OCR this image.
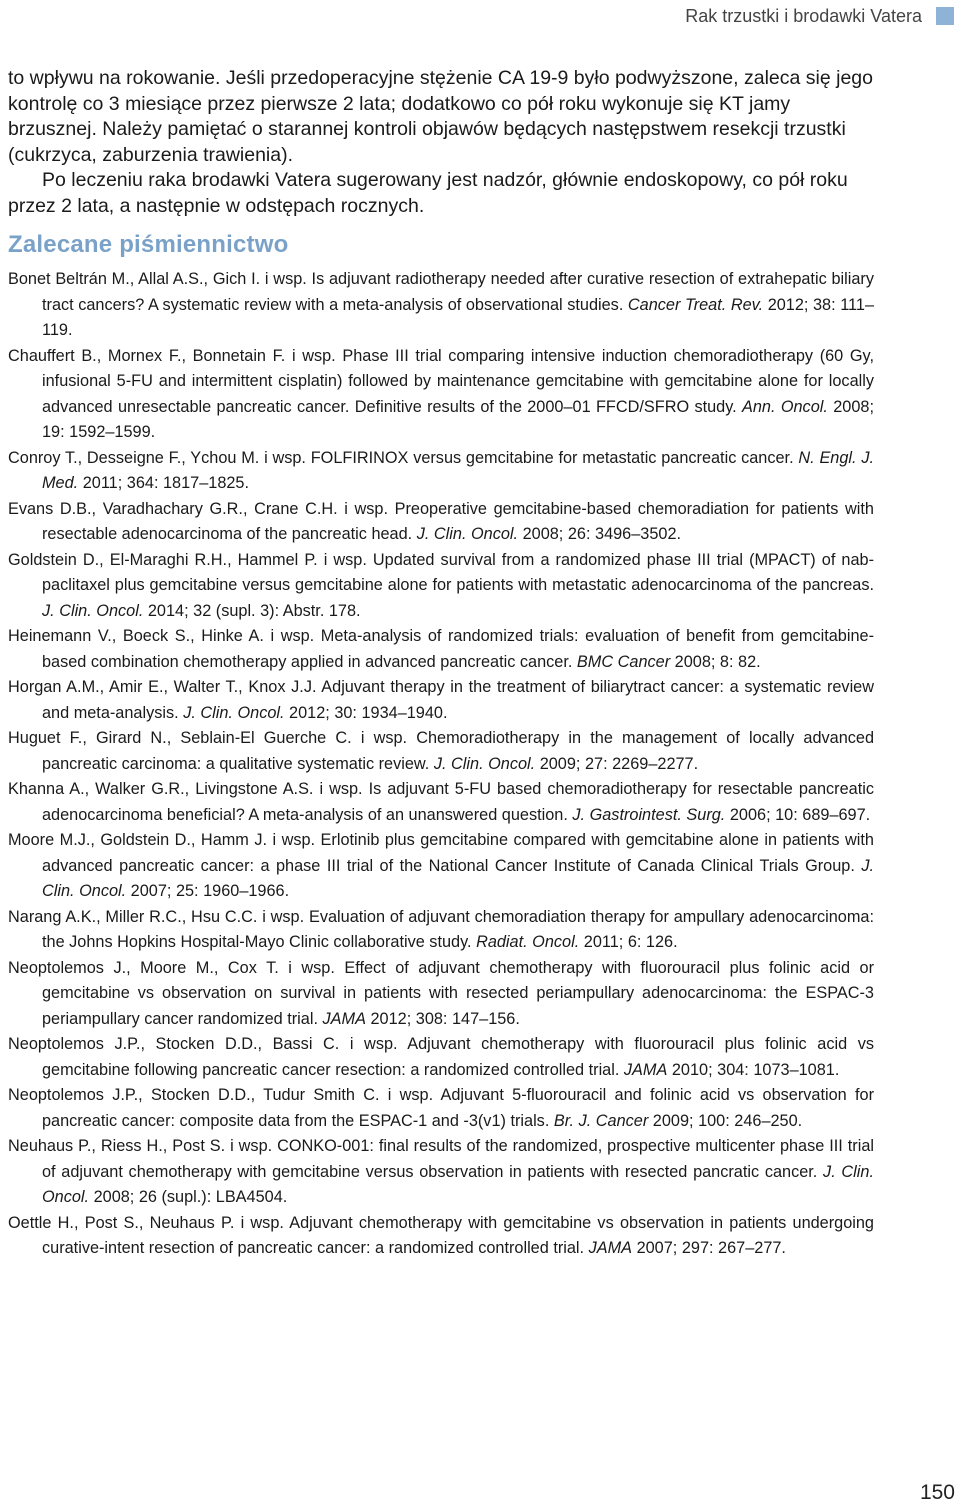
Rak trzustki i brodawki Vatera

to wpływu na rokowanie. Jeśli przedoperacyjne stężenie CA 19-9 było podwyższone, zaleca się jego kontrolę co 3 miesiące przez pierwsze 2 lata; dodatkowo co pół roku wykonuje się KT jamy brzusznej. Należy pamiętać o starannej kontroli objawów będących następstwem resekcji trzustki (cukrzyca, zaburzenia trawienia).

Po leczeniu raka brodawki Vatera sugerowany jest nadzór, głównie endoskopowy, co pół roku przez 2 lata, a następnie w odstępach rocznych.

Zalecane piśmiennictwo

Bonet Beltrán M., Allal A.S., Gich I. i wsp. Is adjuvant radiotherapy needed after curative resection of extrahepatic biliary tract cancers? A systematic review with a meta-analysis of observational studies. Cancer Treat. Rev. 2012; 38: 111–119.

Chauffert B., Mornex F., Bonnetain F. i wsp. Phase III trial comparing intensive induction chemoradiotherapy (60 Gy, infusional 5-FU and intermittent cisplatin) followed by maintenance gemcitabine with gemcitabine alone for locally advanced unresectable pancreatic cancer. Definitive results of the 2000–01 FFCD/SFRO study. Ann. Oncol. 2008; 19: 1592–1599.

Conroy T., Desseigne F., Ychou M. i wsp. FOLFIRINOX versus gemcitabine for metastatic pancreatic cancer. N. Engl. J. Med. 2011; 364: 1817–1825.

Evans D.B., Varadhachary G.R., Crane C.H. i wsp. Preoperative gemcitabine-based chemoradiation for patients with resectable adenocarcinoma of the pancreatic head. J. Clin. Oncol. 2008; 26: 3496–3502.

Goldstein D., El-Maraghi R.H., Hammel P. i wsp. Updated survival from a randomized phase III trial (MPACT) of nab-paclitaxel plus gemcitabine versus gemcitabine alone for patients with metastatic adenocarcinoma of the pancreas. J. Clin. Oncol. 2014; 32 (supl. 3): Abstr. 178.

Heinemann V., Boeck S., Hinke A. i wsp. Meta-analysis of randomized trials: evaluation of benefit from gemcitabine-based combination chemotherapy applied in advanced pancreatic cancer. BMC Cancer 2008; 8: 82.

Horgan A.M., Amir E., Walter T., Knox J.J. Adjuvant therapy in the treatment of biliarytract cancer: a systematic review and meta-analysis. J. Clin. Oncol. 2012; 30: 1934–1940.

Huguet F., Girard N., Seblain-El Guerche C. i wsp. Chemoradiotherapy in the management of locally advanced pancreatic carcinoma: a qualitative systematic review. J. Clin. Oncol. 2009; 27: 2269–2277.

Khanna A., Walker G.R., Livingstone A.S. i wsp. Is adjuvant 5-FU based chemoradiotherapy for resectable pancreatic adenocarcinoma beneficial? A meta-analysis of an unanswered question. J. Gastrointest. Surg. 2006; 10: 689–697.

Moore M.J., Goldstein D., Hamm J. i wsp. Erlotinib plus gemcitabine compared with gemcitabine alone in patients with advanced pancreatic cancer: a phase III trial of the National Cancer Institute of Canada Clinical Trials Group. J. Clin. Oncol. 2007; 25: 1960–1966.

Narang A.K., Miller R.C., Hsu C.C. i wsp. Evaluation of adjuvant chemoradiation therapy for ampullary adenocarcinoma: the Johns Hopkins Hospital-Mayo Clinic collaborative study. Radiat. Oncol. 2011; 6: 126.

Neoptolemos J., Moore M., Cox T. i wsp. Effect of adjuvant chemotherapy with fluorouracil plus folinic acid or gemcitabine vs observation on survival in patients with resected periampullary adenocarcinoma: the ESPAC-3 periampullary cancer randomized trial. JAMA 2012; 308: 147–156.

Neoptolemos J.P., Stocken D.D., Bassi C. i wsp. Adjuvant chemotherapy with fluorouracil plus folinic acid vs gemcitabine following pancreatic cancer resection: a randomized controlled trial. JAMA 2010; 304: 1073–1081.

Neoptolemos J.P., Stocken D.D., Tudur Smith C. i wsp. Adjuvant 5-fluorouracil and folinic acid vs observation for pancreatic cancer: composite data from the ESPAC-1 and -3(v1) trials. Br. J. Cancer 2009; 100: 246–250.

Neuhaus P., Riess H., Post S. i wsp. CONKO-001: final results of the randomized, prospective multicenter phase III trial of adjuvant chemotherapy with gemcitabine versus observation in patients with resected pancratic cancer. J. Clin. Oncol. 2008; 26 (supl.): LBA4504.

Oettle H., Post S., Neuhaus P. i wsp. Adjuvant chemotherapy with gemcitabine vs observation in patients undergoing curative-intent resection of pancreatic cancer: a randomized controlled trial. JAMA 2007; 297: 267–277.

150
